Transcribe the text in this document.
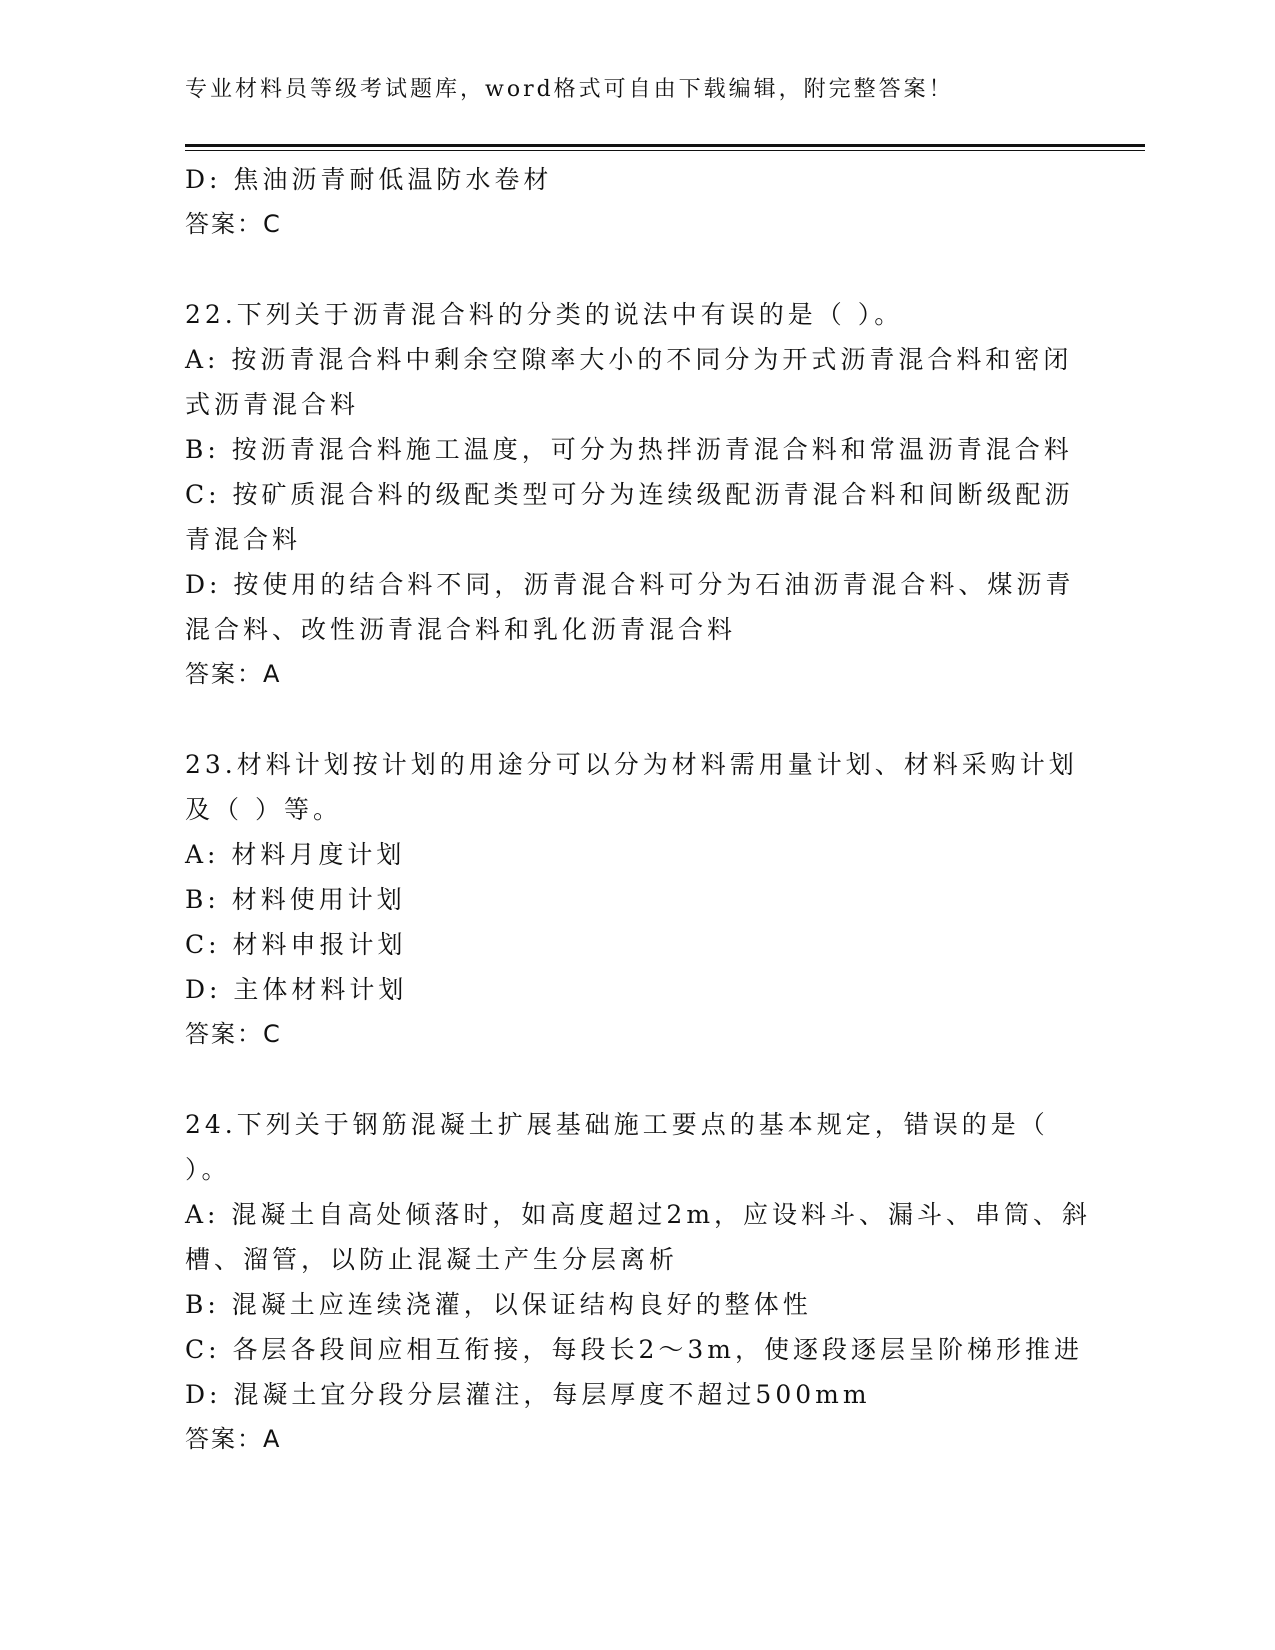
专业材料员等级考试题库，word格式可自由下载编辑，附完整答案！
D: 焦油沥青耐低温防水卷材
答案：C
22.下列关于沥青混合料的分类的说法中有误的是（ ）。
A: 按沥青混合料中剩余空隙率大小的不同分为开式沥青混合料和密闭
式沥青混合料
B: 按沥青混合料施工温度，可分为热拌沥青混合料和常温沥青混合料
C: 按矿质混合料的级配类型可分为连续级配沥青混合料和间断级配沥
青混合料
D: 按使用的结合料不同，沥青混合料可分为石油沥青混合料、煤沥青
混合料、改性沥青混合料和乳化沥青混合料
答案：A
23.材料计划按计划的用途分可以分为材料需用量计划、材料采购计划
及（ ）等。
A: 材料月度计划
B: 材料使用计划
C: 材料申报计划
D: 主体材料计划
答案：C
24.下列关于钢筋混凝土扩展基础施工要点的基本规定，错误的是（
）。
A: 混凝土自高处倾落时，如高度超过2m，应设料斗、漏斗、串筒、斜
槽、溜管，以防止混凝土产生分层离析
B: 混凝土应连续浇灌，以保证结构良好的整体性
C: 各层各段间应相互衔接，每段长2～3m，使逐段逐层呈阶梯形推进
D: 混凝土宜分段分层灌注，每层厚度不超过500mm
答案：A
